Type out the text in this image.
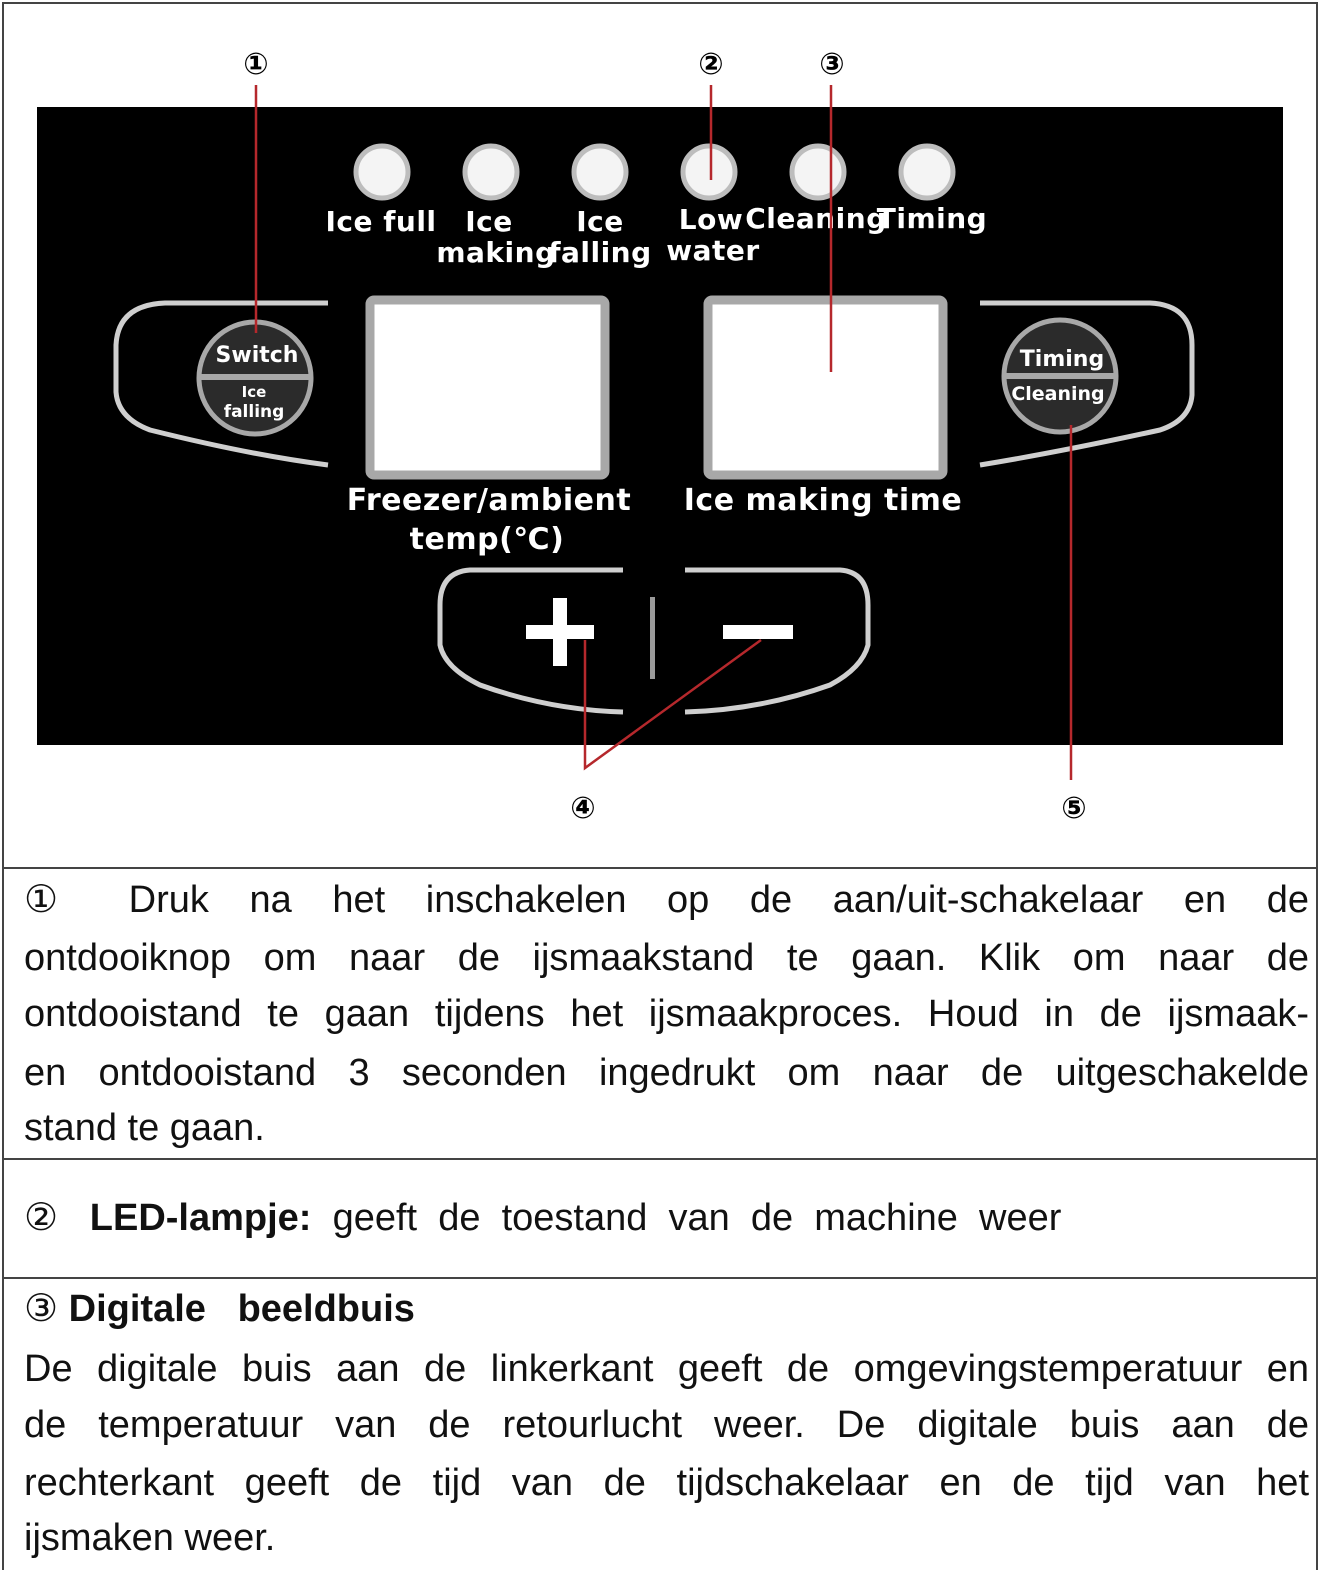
Ice full Ice
making
Ice
falling
Low
water
Cleaning
Timing
Switch
Ice
falling
Timing
Cleaning
Freezer/ambient
temp(℃)
Ice making time
①	②	③
④	⑤
① Druk na het inschakelen op de aan/uit-schakelaar en de
ontdooiknop om naar de ijsmaakstand te gaan. Klik om naar de
ontdooistand te gaan tijdens het ijsmaakproces. Houd in de ijsmaak-
en ontdooistand 3 seconden ingedrukt om naar de uitgeschakelde
stand te gaan.
② LED-lampje: geeft  de  toestand  van  de  machine  weer
③ Digitale   beeldbuis
De digitale buis aan de linkerkant geeft de omgevingstemperatuur en
de temperatuur van de retourlucht weer. De digitale buis aan de
rechterkant geeft de tijd van de tijdschakelaar en de tijd van het
ijsmaken weer.
